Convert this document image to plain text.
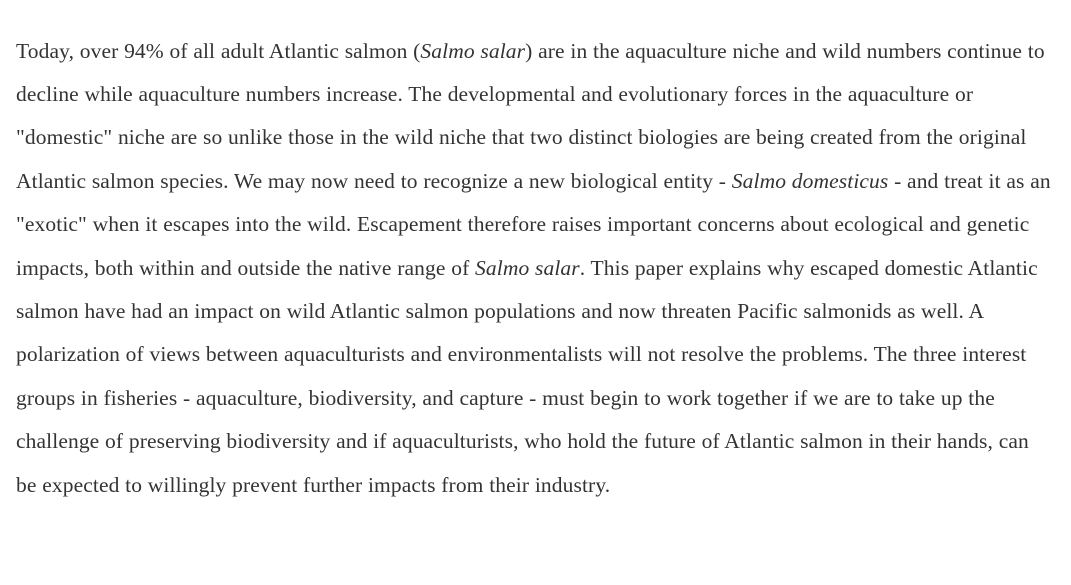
Today, over 94% of all adult Atlantic salmon (Salmo salar) are in the aquaculture niche and wild numbers continue to decline while aquaculture numbers increase. The developmental and evolutionary forces in the aquaculture or "domestic" niche are so unlike those in the wild niche that two distinct biologies are being created from the original Atlantic salmon species. We may now need to recognize a new biological entity - Salmo domesticus - and treat it as an "exotic" when it escapes into the wild. Escapement therefore raises important concerns about ecological and genetic impacts, both within and outside the native range of Salmo salar. This paper explains why escaped domestic Atlantic salmon have had an impact on wild Atlantic salmon populations and now threaten Pacific salmonids as well. A polarization of views between aquaculturists and environmentalists will not resolve the problems. The three interest groups in fisheries - aquaculture, biodiversity, and capture - must begin to work together if we are to take up the challenge of preserving biodiversity and if aquaculturists, who hold the future of Atlantic salmon in their hands, can be expected to willingly prevent further impacts from their industry.
